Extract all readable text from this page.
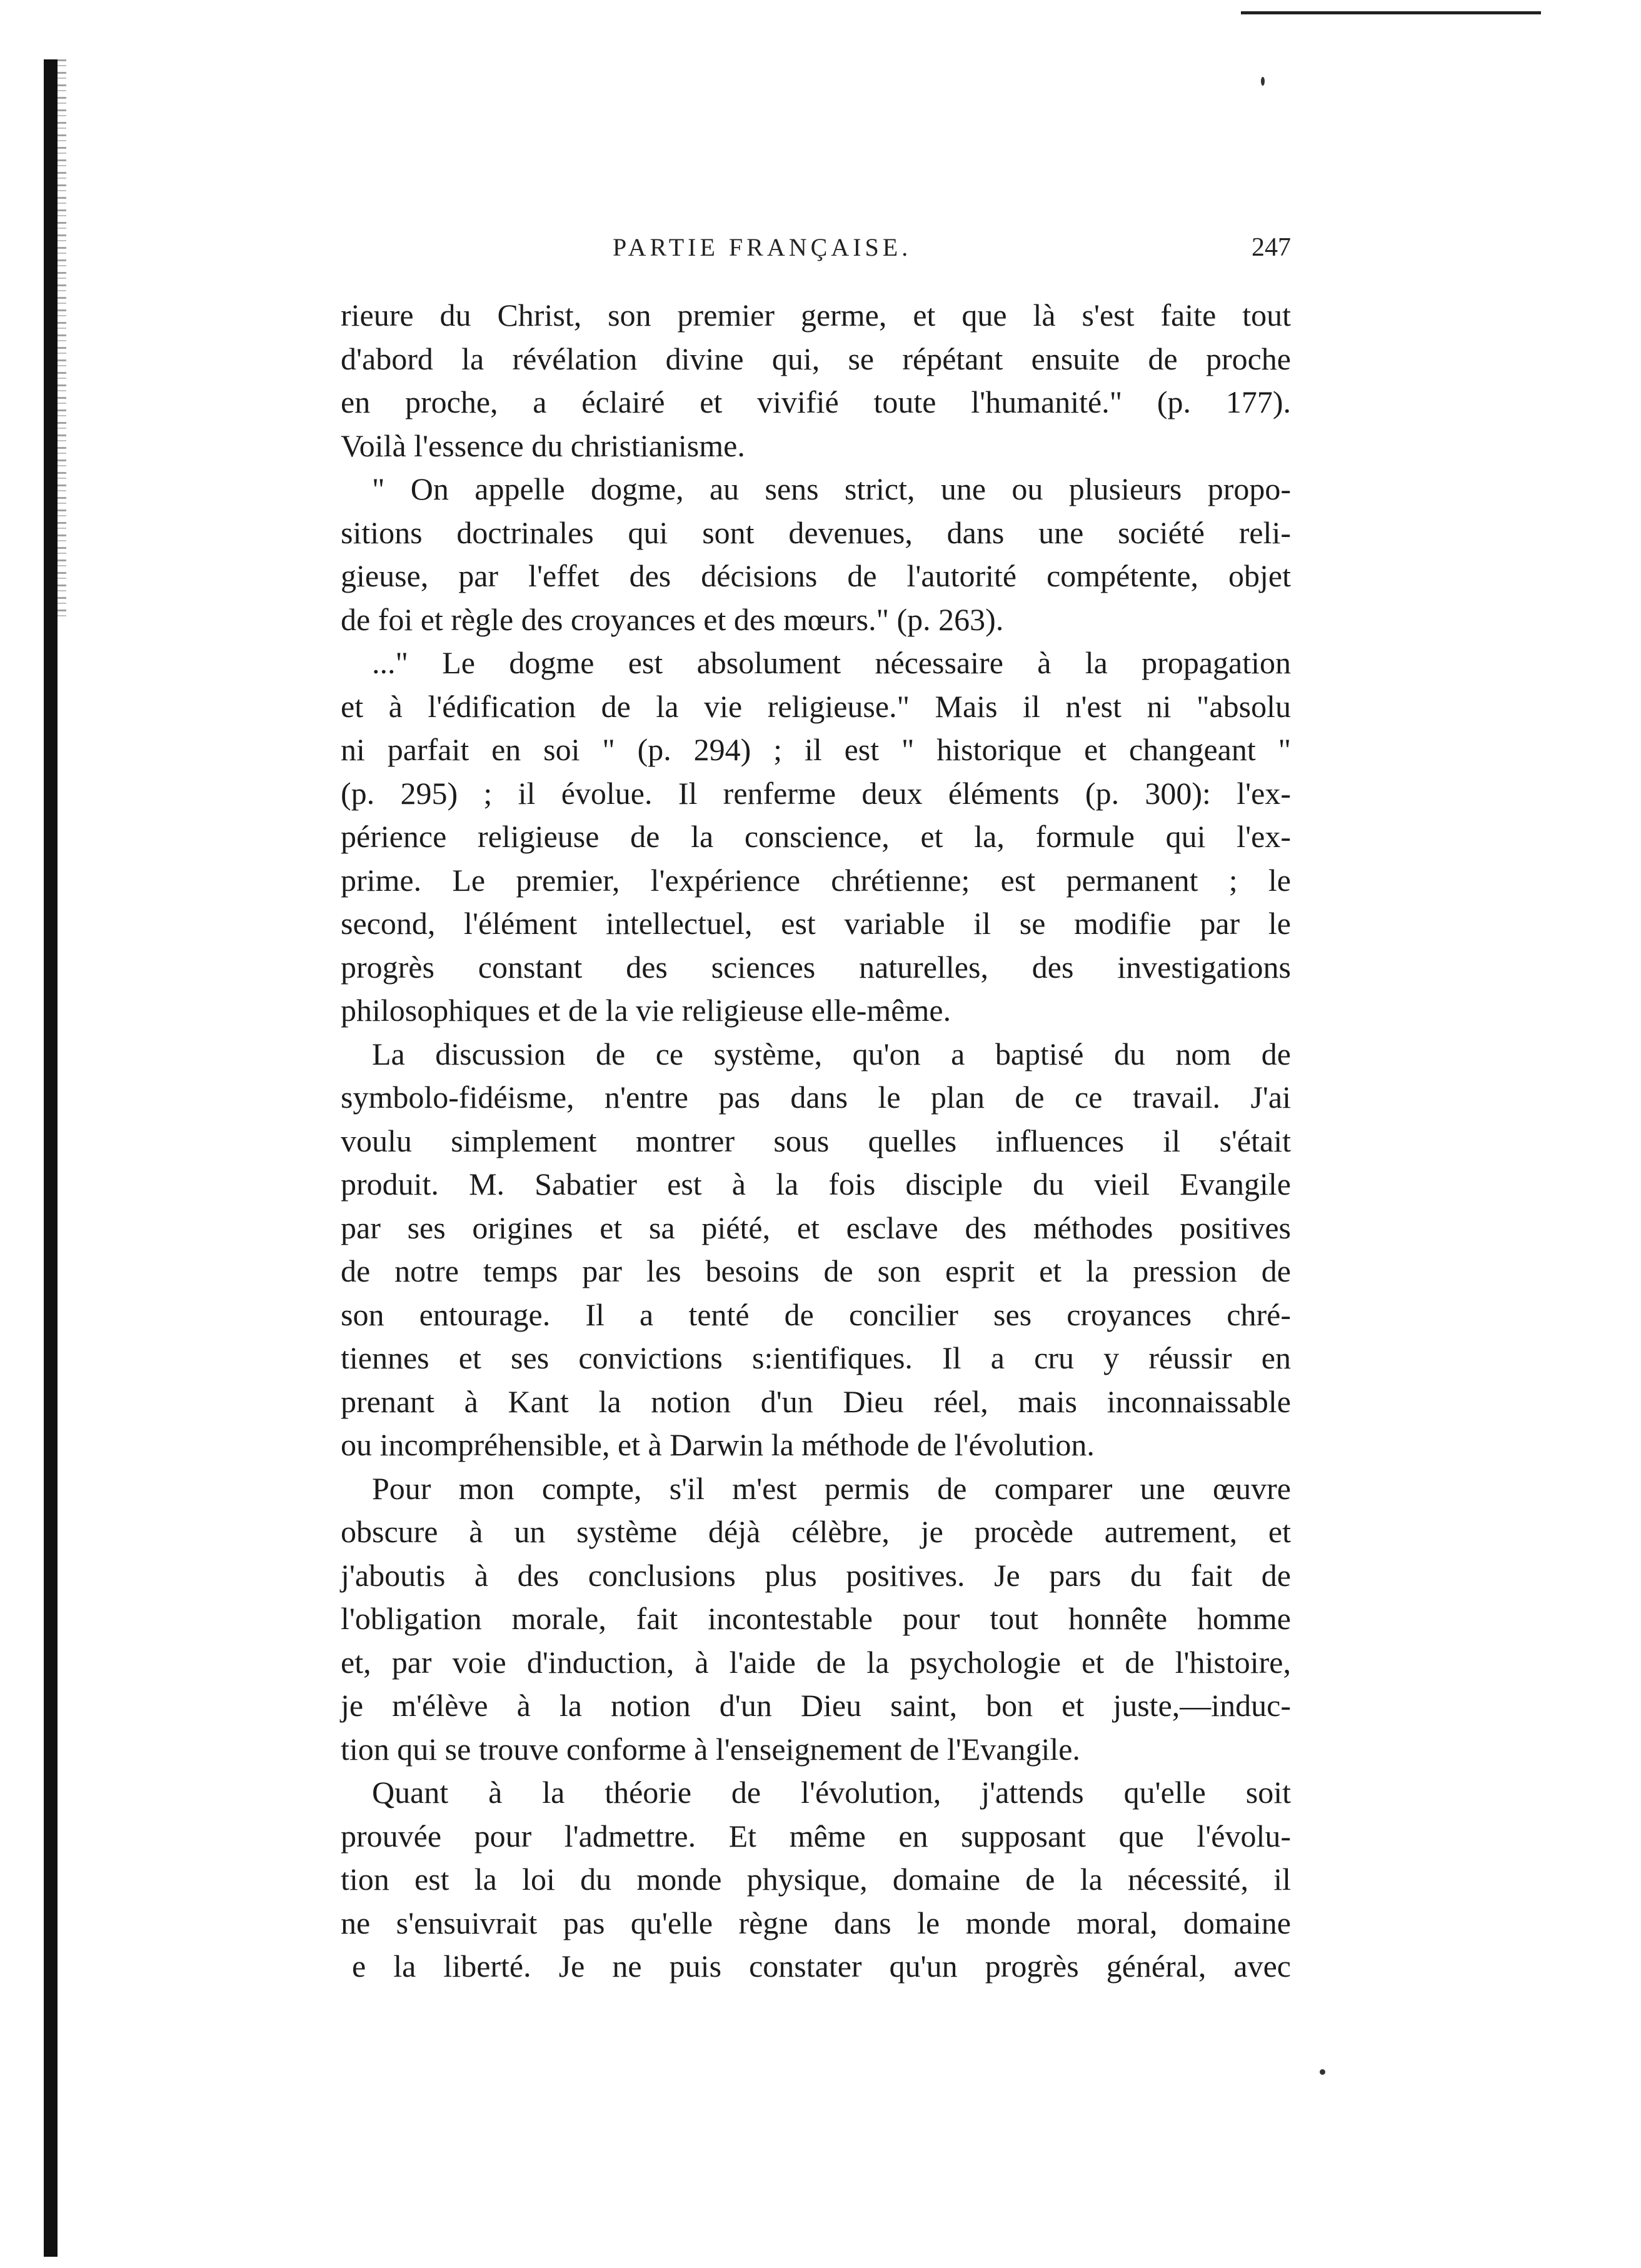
PARTIE FRANÇAISE.	247

rieure du Christ, son premier germe, et que là s'est faite tout
d'abord la révélation divine qui, se répétant ensuite de proche
en proche, a éclairé et vivifié toute l'humanité." (p. 177).
Voilà l'essence du christianisme.

" On appelle dogme, au sens strict, une ou plusieurs propo-
sitions doctrinales qui sont devenues, dans une société reli-
gieuse, par l'effet des décisions de l'autorité compétente, objet
de foi et règle des croyances et des mœurs." (p. 263).

..." Le dogme est absolument nécessaire à la propagation
et à l'édification de la vie religieuse." Mais il n'est ni "absolu
ni parfait en soi " (p. 294) ; il est " historique et changeant "
(p. 295) ; il évolue. Il renferme deux éléments (p. 300): l'ex-
périence religieuse de la conscience, et la, formule qui l'ex-
prime. Le premier, l'expérience chrétienne; est permanent ; le
second, l'élément intellectuel, est variable il se modifie par le
progrès constant des sciences naturelles, des investigations
philosophiques et de la vie religieuse elle-même.

La discussion de ce système, qu'on a baptisé du nom de
symbolo-fidéisme, n'entre pas dans le plan de ce travail. J'ai
voulu simplement montrer sous quelles influences il s'était
produit. M. Sabatier est à la fois disciple du vieil Evangile
par ses origines et sa piété, et esclave des méthodes positives
de notre temps par les besoins de son esprit et la pression de
son entourage. Il a tenté de concilier ses croyances chré-
tiennes et ses convictions s:ientifiques. Il a cru y réussir en
prenant à Kant la notion d'un Dieu réel, mais inconnaissable
ou incompréhensible, et à Darwin la méthode de l'évolution.

Pour mon compte, s'il m'est permis de comparer une œuvre
obscure à un système déjà célèbre, je procède autrement, et
j'aboutis à des conclusions plus positives. Je pars du fait de
l'obligation morale, fait incontestable pour tout honnête homme
et, par voie d'induction, à l'aide de la psychologie et de l'histoire,
je m'élève à la notion d'un Dieu saint, bon et juste,—induc-
tion qui se trouve conforme à l'enseignement de l'Evangile.

Quant à la théorie de l'évolution, j'attends qu'elle soit
prouvée pour l'admettre. Et même en supposant que l'évolu-
tion est la loi du monde physique, domaine de la nécessité, il
ne s'ensuivrait pas qu'elle règne dans le monde moral, domaine
e la liberté. Je ne puis constater qu'un progrès général, avec
